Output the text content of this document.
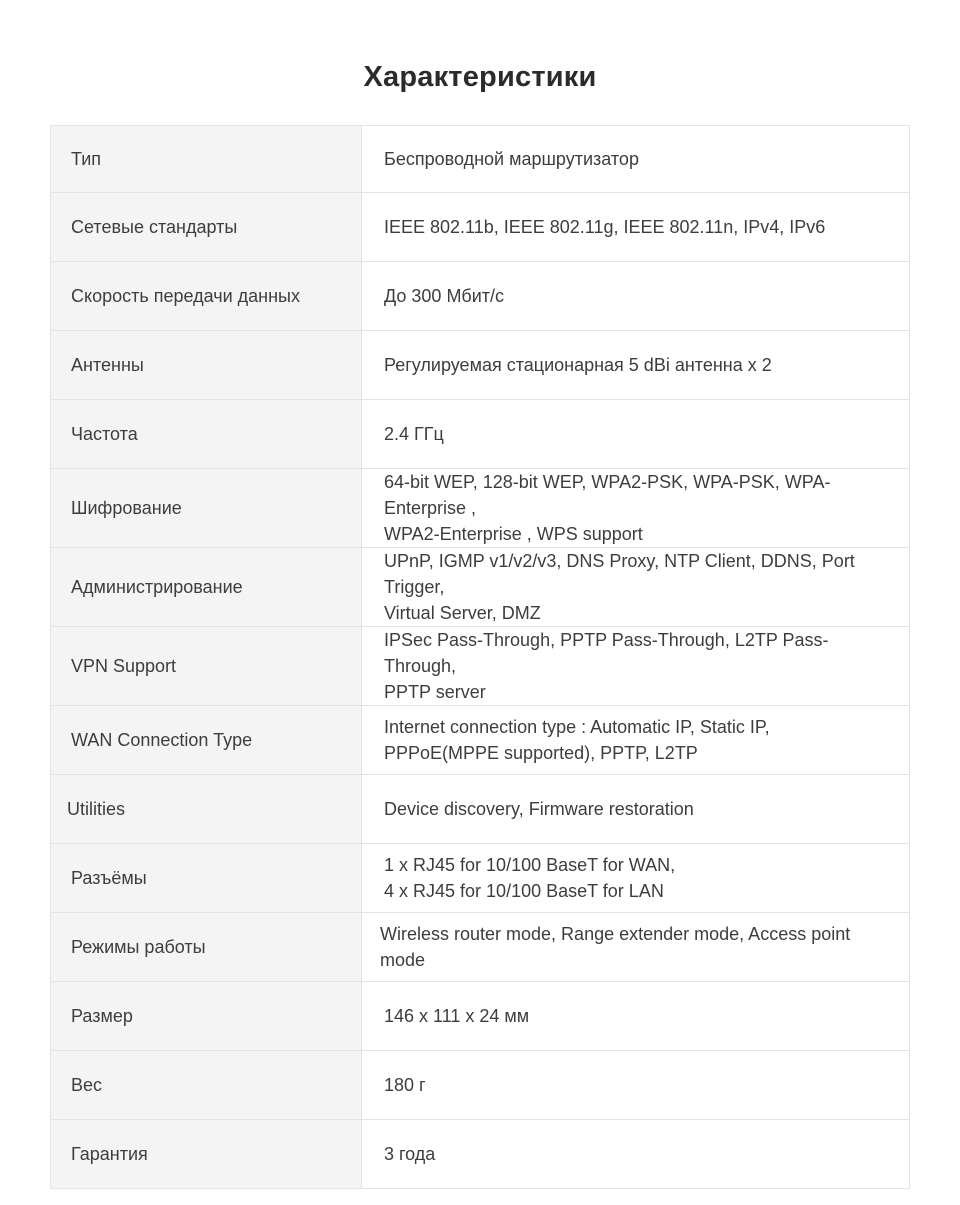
Характеристики
Тип	Беспроводной маршрутизатор

Сетевые стандарты	IEEE 802.11b, IEEE 802.11g, IEEE 802.11n, IPv4, IPv6

Скорость передачи данных	До 300 Мбит/с

Антенны	Регулируемая стационарная 5 dBi антенна x 2

Частота	2.4 ГГц

Шифрование	64-bit WEP, 128-bit WEP, WPA2-PSK, WPA-PSK, WPA-Enterprise ,
WPA2-Enterprise , WPS support

Администрирование	UPnP, IGMP v1/v2/v3, DNS Proxy, NTP Client, DDNS, Port Trigger,
Virtual Server, DMZ

VPN Support	IPSec Pass-Through, PPTP Pass-Through, L2TP Pass-Through,
PPTP server

WAN Connection Type	Internet connection type : Automatic IP, Static IP,
PPPoE(MPPE supported), PPTP, L2TP

Utilities	Device discovery, Firmware restoration

Разъёмы	1 x RJ45 for 10/100 BaseT for WAN,
4 x RJ45 for 10/100 BaseT for LAN

Режимы работы	Wireless router mode, Range extender mode, Access point mode

Размер	146 x 111 x 24 мм

Вес	180 г

Гарантия	3 года
